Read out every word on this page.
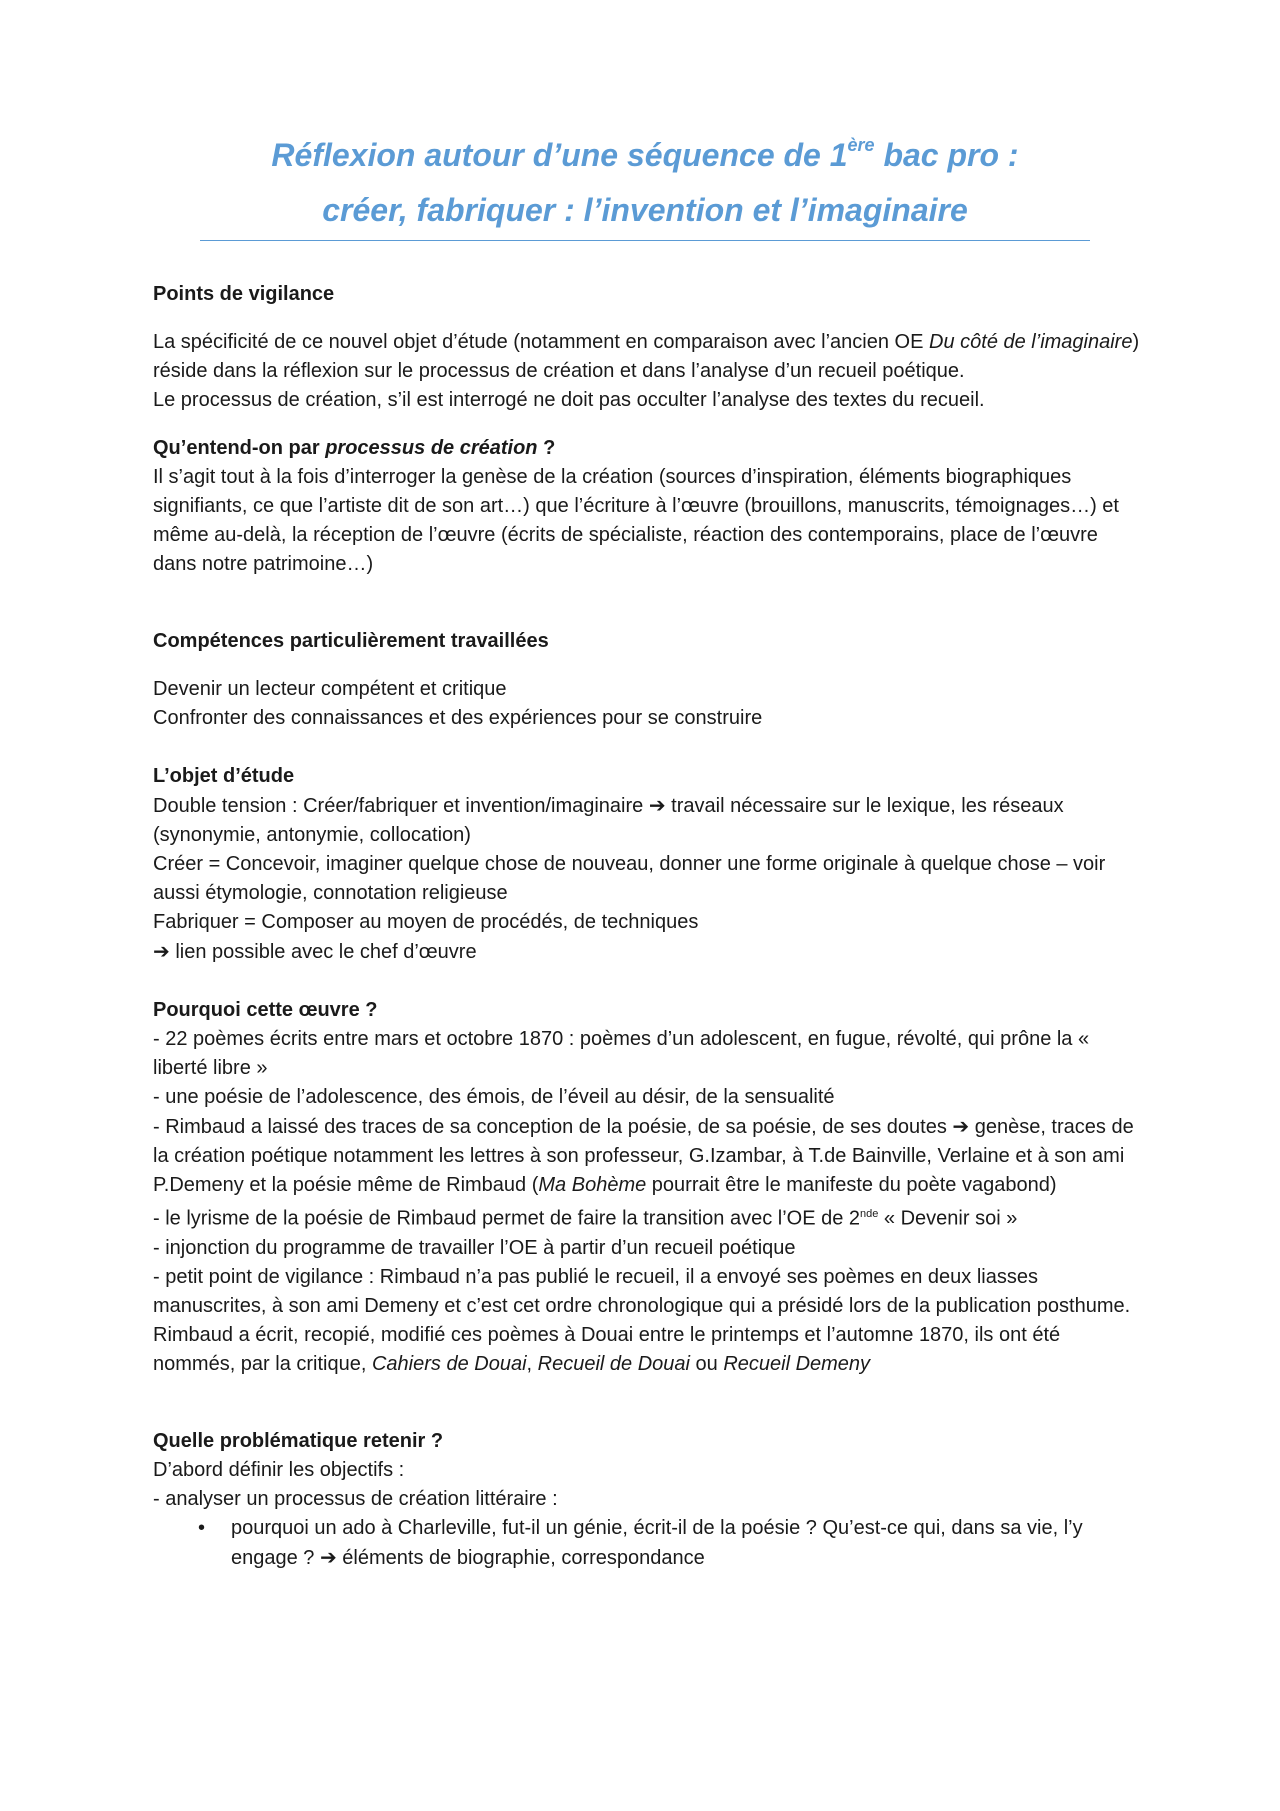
Réflexion autour d’une séquence de 1ère bac pro :
créer, fabriquer : l’invention et l’imaginaire

Points de vigilance

La spécificité de ce nouvel objet d’étude (notamment en comparaison avec l’ancien OE Du côté de l’imaginaire) réside dans la réflexion sur le processus de création et dans l’analyse d’un recueil poétique.

Le processus de création, s’il est interrogé ne doit pas occulter l’analyse des textes du recueil.

Qu’entend-on par processus de création ?

Il s’agit tout à la fois d’interroger la genèse de la création (sources d’inspiration, éléments biographiques signifiants, ce que l’artiste dit de son art…) que l’écriture à l’œuvre (brouillons, manuscrits, témoignages…) et même au-delà, la réception de l’œuvre (écrits de spécialiste, réaction des contemporains, place de l’œuvre dans notre patrimoine…)

Compétences particulièrement travaillées

Devenir un lecteur compétent et critique

Confronter des connaissances et des expériences pour se construire

L’objet d’étude

Double tension : Créer/fabriquer et invention/imaginaire ➔ travail nécessaire sur le lexique, les réseaux (synonymie, antonymie, collocation)

Créer = Concevoir, imaginer quelque chose de nouveau, donner une forme originale à quelque chose – voir aussi étymologie, connotation religieuse

Fabriquer = Composer au moyen de procédés, de techniques

➔ lien possible avec le chef d’œuvre

Pourquoi cette œuvre ?

- 22 poèmes écrits entre mars et octobre 1870 : poèmes d’un adolescent, en fugue, révolté, qui prône la « liberté libre »

- une poésie de l’adolescence, des émois, de l’éveil au désir, de la sensualité

- Rimbaud a laissé des traces de sa conception de la poésie, de sa poésie, de ses doutes ➔ genèse, traces de la création poétique notamment les lettres à son professeur, G.Izambar, à T.de Bainville, Verlaine et à son ami P.Demeny et la poésie même de Rimbaud (Ma Bohème pourrait être le manifeste du poète vagabond)

- le lyrisme de la poésie de Rimbaud permet de faire la transition avec l’OE de 2nde « Devenir soi »

- injonction du programme de travailler l’OE à partir d’un recueil poétique

- petit point de vigilance : Rimbaud n’a pas publié le recueil, il a envoyé ses poèmes en deux liasses manuscrites, à son ami Demeny et c’est cet ordre chronologique qui a présidé lors de la publication posthume. Rimbaud a écrit, recopié, modifié ces poèmes à Douai entre le printemps et l’automne 1870, ils ont été nommés, par la critique, Cahiers de Douai, Recueil de Douai ou Recueil Demeny

Quelle problématique retenir ?

D’abord définir les objectifs :

- analyser un processus de création littéraire :

• pourquoi un ado à Charleville, fut-il un génie, écrit-il de la poésie ? Qu’est-ce qui, dans sa vie, l’y engage ? ➔ éléments de biographie, correspondance
